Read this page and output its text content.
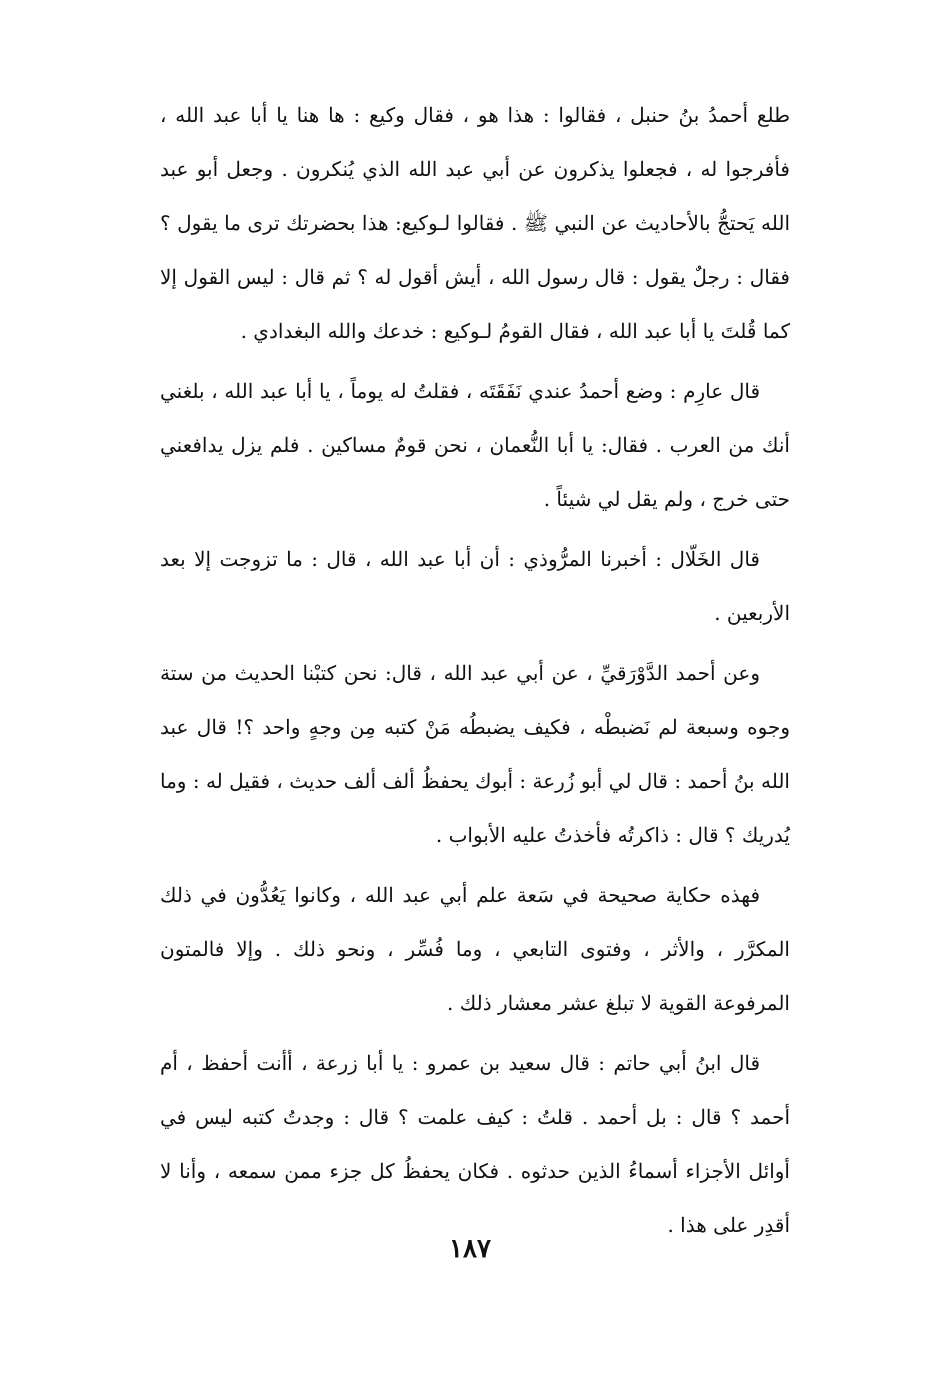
طلع أحمدُ بنُ حنبل ، فقالوا : هذا هو ، فقال وكيع : ها هنا يا أبا عبد الله ، فأفرجوا له ، فجعلوا يذكرون عن أبي عبد الله الذي يُنكرون . وجعل أبو عبد الله يَحتجُّ بالأحاديث عن النبي ﷺ . فقالوا لـوكيع: هذا بحضرتك ترى ما يقول ؟ فقال : رجلٌ يقول : قال رسول الله ، أيش أقول له ؟ ثم قال : ليس القول إلا كما قُلتَ يا أبا عبد الله ، فقال القومُ لـوكيع : خدعك والله البغدادي .

قال عارِم : وضع أحمدُ عندي نَفَقَتَه ، فقلتُ له يوماً ، يا أبا عبد الله ، بلغني أنك من العرب . فقال: يا أبا النُّعمان ، نحن قومٌ مساكين . فلم يزل يدافعني حتى خرج ، ولم يقل لي شيئاً .

قال الخَلّال : أخبرنا المرُّوذي : أن أبا عبد الله ، قال : ما تزوجت إلا بعد الأربعين .

وعن أحمد الدَّوْرَقيِّ ، عن أبي عبد الله ، قال: نحن كتبْنا الحديث من ستة وجوه وسبعة لم نَضبطْه ، فكيف يضبطُه مَنْ كتبه مِن وجهٍ واحد ؟! قال عبد الله بنُ أحمد : قال لي أبو زُرعة : أبوك يحفظُ ألف ألف حديث ، فقيل له : وما يُدريك ؟ قال : ذاكرتُه فأخذتُ عليه الأبواب .

فهذه حكاية صحيحة في سَعة علم أبي عبد الله ، وكانوا يَعُدُّون في ذلك المكرَّر ، والأثر ، وفتوى التابعي ، وما فُسِّر ، ونحو ذلك . وإلا فالمتون المرفوعة القوية لا تبلغ عشر معشار ذلك .

قال ابنُ أبي حاتم : قال سعيد بن عمرو : يا أبا زرعة ، أأنت أحفظ ، أم أحمد ؟ قال : بل أحمد . قلتُ : كيف علمت ؟ قال : وجدتُ كتبه ليس في أوائل الأجزاء أسماءُ الذين حدثوه . فكان يحفظُ كل جزء ممن سمعه ، وأنا لا أقدِر على هذا .

١٨٧
